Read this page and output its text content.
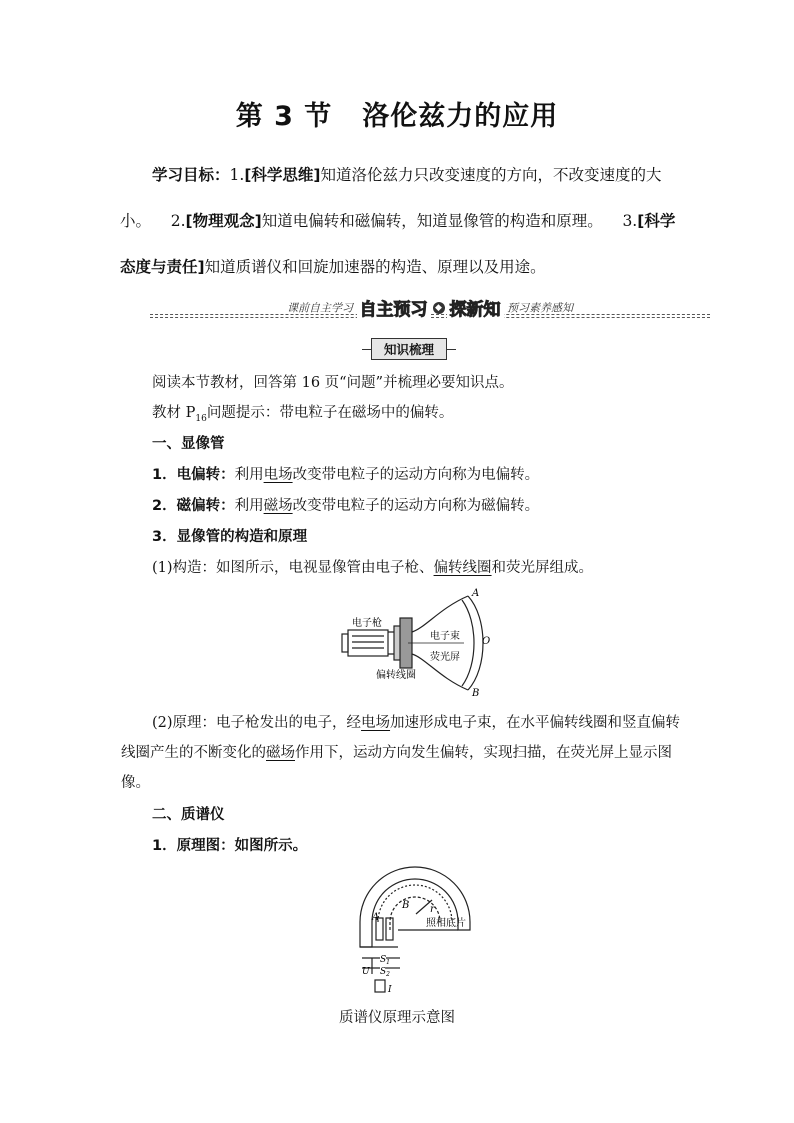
第 3 节 洛伦兹力的应用
学习目标：1.[科学思维]知道洛伦兹力只改变速度的方向，不改变速度的大小。 2.[物理观念]知道电偏转和磁偏转，知道显像管的构造和原理。 3.[科学态度与责任]知道质谱仪和回旋加速器的构造、原理以及用途。
课前自主学习 自主预习 ◆ 探新知 预习素养感知
知识梳理
阅读本节教材，回答第 16 页“问题”并梳理必要知识点。
教材 $P_{16}$问题提示：带电粒子在磁场中的偏转。
一、显像管
1．电偏转：利用电场改变带电粒子的运动方向称为电偏转。
2．磁偏转：利用磁场改变带电粒子的运动方向称为磁偏转。
3．显像管的构造和原理
(1)构造：如图所示，电视显像管由电子枪、偏转线圈和荧光屏组成。
电子枪
电子束
荧光屏
偏转线圈
A
O
B
(2)原理：电子枪发出的电子，经电场加速形成电子束，在水平偏转线圈和竖直偏转线圈产生的不断变化的磁场作用下，运动方向发生偏转，实现扫描，在荧光屏上显示图像。
二、质谱仪
1．原理图：如图所示。
A
B r
照相底片
$S_1$
$S_2$
U
I
质谱仪原理示意图
